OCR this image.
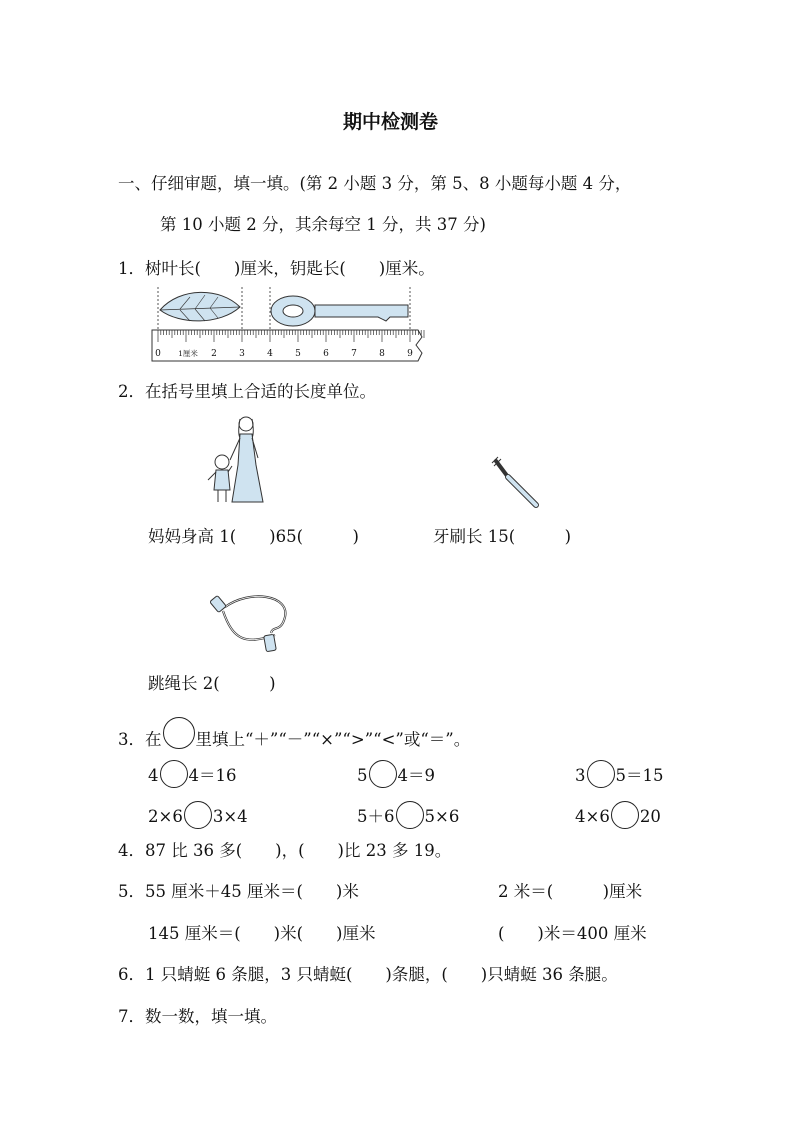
期中检测卷
一、仔细审题，填一填。(第 2 小题 3 分，第 5、8 小题每小题 4 分，
第 10 小题 2 分，其余每空 1 分，共 37 分)
1．树叶长(　　)厘米，钥匙长(　　)厘米。
0 1厘米 2 3 4 5 6 7 8 9
2．在括号里填上合适的长度单位。
妈妈身高 1(　　)65(　　　)	牙刷长 15(　　　)
跳绳长 2(　　　)
3．在 里填上“＋”“－”“×”“>”“<”或“＝”。
4 4＝16	5 4＝9	3 5＝15
2×6 3×4	5＋6 5×6	4×6 20
4．87 比 36 多(　　)，(　　)比 23 多 19。
5．55 厘米＋45 厘米＝(　　)米	2 米＝(　　　)厘米
145 厘米＝(　　)米(　　)厘米	(　　)米＝400 厘米
6．1 只蜻蜓 6 条腿，3 只蜻蜓(　　)条腿，(　　)只蜻蜓 36 条腿。
7．数一数，填一填。
